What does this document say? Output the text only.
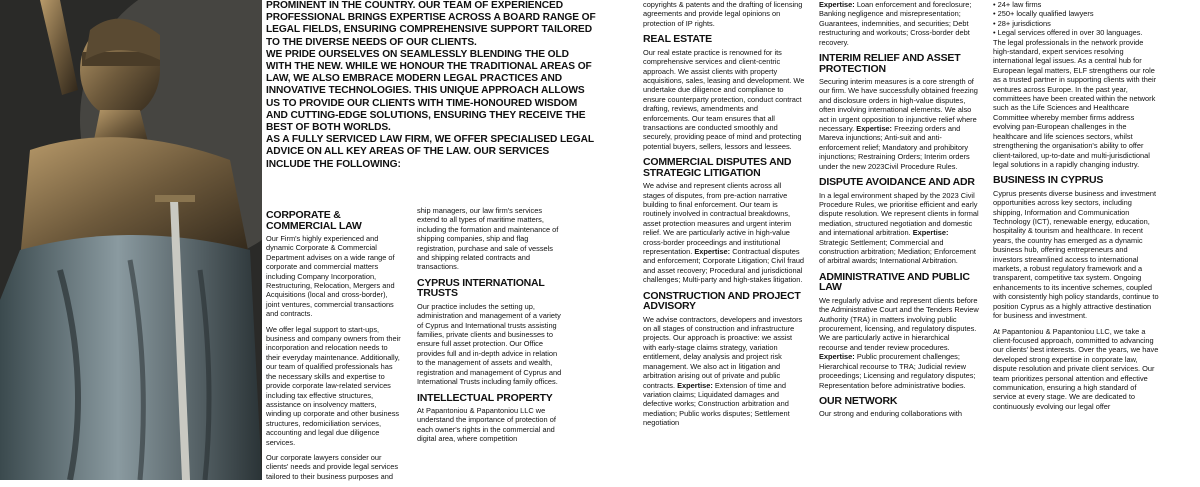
PROMINENT IN THE COUNTRY. OUR TEAM OF EXPERIENCED PROFESSIONAL BRINGS EXPERTISE ACROSS A BOARD RANGE OF LEGAL FIELDS, ENSURING COMPREHENSIVE SUPPORT TAILORED TO THE DIVERSE NEEDS OF OUR CLIENTS.

WE PRIDE OURSELVES ON SEAMLESSLY BLENDING THE OLD WITH THE NEW. WHILE WE HONOUR THE TRADITIONAL AREAS OF LAW, WE ALSO EMBRACE MODERN LEGAL PRACTICES AND INNOVATIVE TECHNOLOGIES. THIS UNIQUE APPROACH ALLOWS US TO PROVIDE OUR CLIENTS WITH TIME-HONOURED WISDOM AND CUTTING-EDGE SOLUTIONS, ENSURING THEY RECEIVE THE BEST OF BOTH WORLDS.

AS A FULLY SERVICED LAW FIRM, WE OFFER SPECIALISED LEGAL ADVICE ON ALL KEY AREAS OF THE LAW. OUR SERVICES INCLUDE THE FOLLOWING:

CORPORATE & COMMERCIAL LAW

Our Firm's highly experienced and dynamic Corporate & Commercial Department advises on a wide range of corporate and commercial matters including Company Incorporation, Restructuring, Relocation, Mergers and Acquisitions (local and cross-border), joint ventures, commercial transactions and contracts.

We offer legal support to start-ups, business and company owners from their incorporation and relocation needs to their everyday maintenance. Additionally, our team of qualified professionals has the necessary skills and expertise to provide corporate law-related services including tax effective structures, assistance on insolvency matters, winding up corporate and other business structures, redomiciliation services, accounting and legal due diligence services.

Our corporate lawyers consider our clients' needs and provide legal services tailored to their business purposes and

ship managers, our law firm's services extend to all types of maritime matters, including the formation and maintenance of shipping companies, ship and flag registration, purchase and sale of vessels and shipping related contracts and transactions.

CYPRUS INTERNATIONAL TRUSTS

Our practice includes the setting up, administration and management of a variety of Cyprus and International trusts assisting families, private clients and businesses to ensure full asset protection. Our Office provides full and in-depth advice in relation to the management of assets and wealth, registration and management of Cyprus and International Trusts including family offices.

INTELLECTUAL PROPERTY

At Papantoniou & Papantoniou LLC we understand the importance of protection of each owner's rights in the commercial and digital area, where competition

copyrights & patents and the drafting of licensing agreements and provide legal opinions on protection of IP rights.

REAL ESTATE

Our real estate practice is renowned for its comprehensive services and client-centric approach. We assist clients with property acquisitions, sales, leasing and development. We undertake due diligence and compliance to ensure counterparty protection, conduct contract drafting, reviews, amendments and enforcements. Our team ensures that all transactions are conducted smoothly and securely, providing peace of mind and protecting potential buyers, sellers, lessors and lessees.

COMMERCIAL DISPUTES AND STRATEGIC LITIGATION

We advise and represent clients across all stages of disputes, from pre-action narrative building to final enforcement. Our team is routinely involved in contractual breakdowns, asset protection measures and urgent interim relief. We are particularly active in high-value cross-border proceedings and institutional representation. Expertise: Contractual disputes and enforcement; Corporate Litigation; Civil fraud and asset recovery; Procedural and jurisdictional challenges; Multi-party and high-stakes litigation.

CONSTRUCTION AND PROJECT ADVISORY

We advise contractors, developers and investors on all stages of construction and infrastructure projects. Our approach is proactive: we assist with early-stage claims strategy, variation entitlement, delay analysis and project risk management. We also act in litigation and arbitration arising out of private and public contracts. Expertise: Extension of time and variation claims; Liquidated damages and defective works; Construction arbitration and mediation; Public works disputes; Settlement negotiation

Expertise: Loan enforcement and foreclosure; Banking negligence and misrepresentation; Guarantees, indemnities, and securities; Debt restructuring and workouts; Cross-border debt recovery.

INTERIM RELIEF AND ASSET PROTECTION

Securing interim measures is a core strength of our firm. We have successfully obtained freezing and disclosure orders in high-value disputes, often involving international elements. We also act in urgent opposition to injunctive relief where necessary. Expertise: Freezing orders and Mareva injunctions; Anti-suit and anti-enforcement relief; Mandatory and prohibitory injunctions; Restraining Orders; Interim orders under the new 2023Civil Procedure Rules.

DISPUTE AVOIDANCE AND ADR

In a legal environment shaped by the 2023 Civil Procedure Rules, we prioritise efficient and early dispute resolution. We represent clients in formal mediation, structured negotiation and domestic and international arbitration. Expertise: Strategic Settlement; Commercial and construction arbitration; Mediation; Enforcement of arbitral awards; International Arbitration.

ADMINISTRATIVE AND PUBLIC LAW

We regularly advise and represent clients before the Administrative Court and the Tenders Review Authority (TRA) in matters involving public procurement, licensing, and regulatory disputes. We are particularly active in hierarchical recourse and tender review procedures. Expertise: Public procurement challenges; Hierarchical recourse to TRA; Judicial review proceedings; Licensing and regulatory disputes; Representation before administrative bodies.

OUR NETWORK

Our strong and enduring collaborations with

• 24+ law firms
• 250+ locally qualified lawyers
• 28+ jurisdictions
• Legal services offered in over 30 languages.

The legal professionals in the network provide high-standard, expert services resolving international legal issues. As a central hub for European legal matters, ELF strengthens our role as a trusted partner in supporting clients with their ventures across Europe. In the past year, committees have been created within the network such as the Life Sciences and Healthcare Committee whereby member firms address evolving pan-European challenges in the healthcare and life sciences sectors, whilst strengthening the organisation's ability to offer client-tailored, up-to-date and multi-jurisdictional legal solutions in a rapidly changing industry.

BUSINESS IN CYPRUS

Cyprus presents diverse business and investment opportunities across key sectors, including shipping, Information and Communication Technology (ICT), renewable energy, education, hospitality & tourism and healthcare. In recent years, the country has emerged as a dynamic business hub, offering entrepreneurs and investors streamlined access to international markets, a robust regulatory framework and a transparent, competitive tax system. Ongoing enhancements to its incentive schemes, coupled with consistently high policy standards, continue to position Cyprus as a highly attractive destination for business and investment.

At Papantoniou & Papantoniou LLC, we take a client-focused approach, committed to advancing our clients' best interests. Over the years, we have developed strong expertise in corporate law, dispute resolution and private client services. Our team prioritizes personal attention and effective communication, ensuring a high standard of service at every stage. We are dedicated to continuously evolving our legal offer
